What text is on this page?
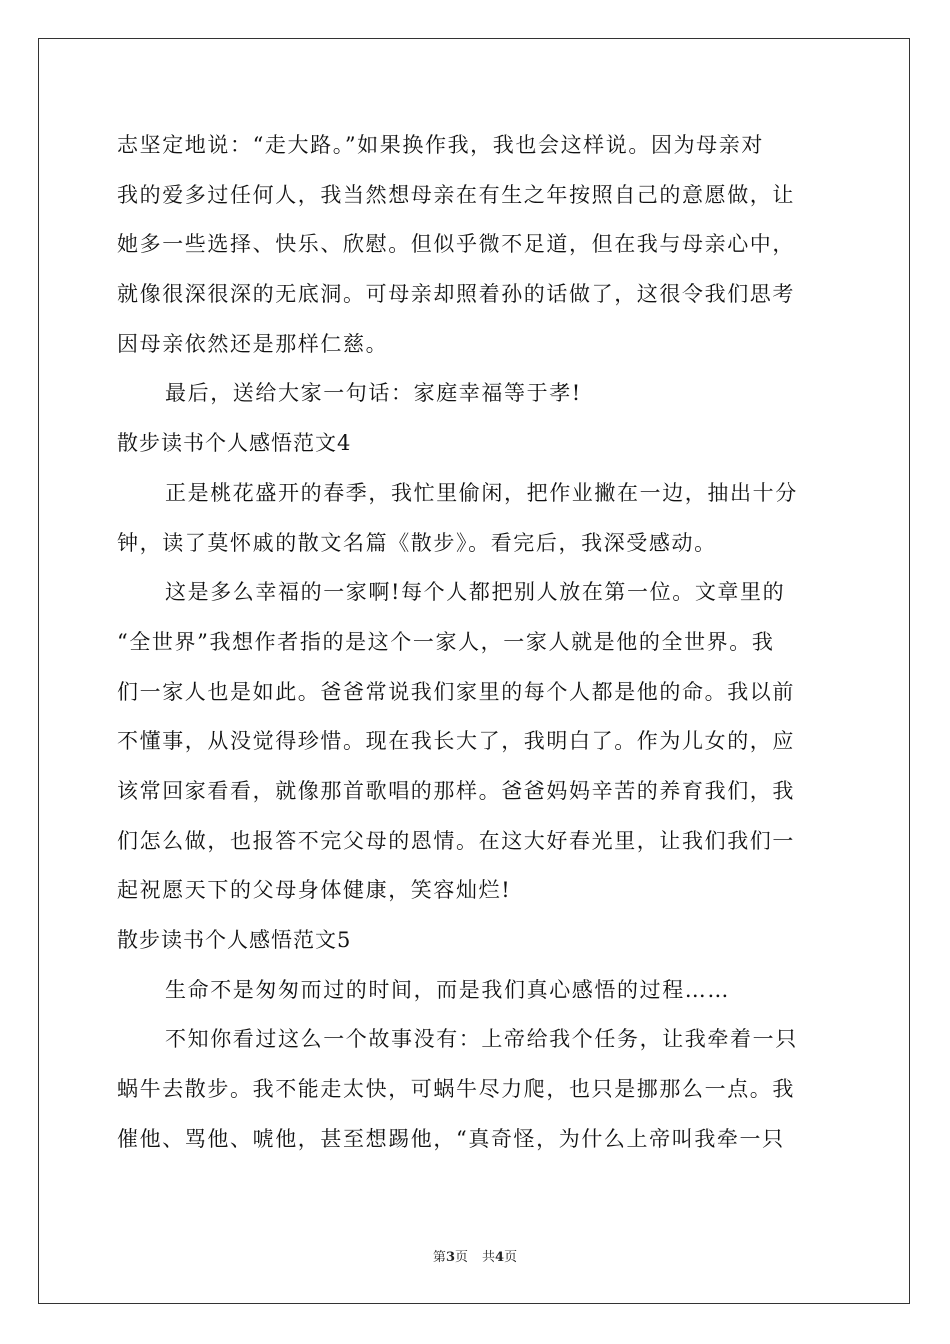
志坚定地说：“走大路。”如果换作我，我也会这样说。因为母亲对
我的爱多过任何人，我当然想母亲在有生之年按照自己的意愿做，让
她多一些选择、快乐、欣慰。但似乎微不足道，但在我与母亲心中，
就像很深很深的无底洞。可母亲却照着孙的话做了，这很令我们思考
因母亲依然还是那样仁慈。
最后，送给大家一句话：家庭幸福等于孝!
散步读书个人感悟范文4
正是桃花盛开的春季，我忙里偷闲，把作业撇在一边，抽出十分
钟，读了莫怀戚的散文名篇《散步》。看完后，我深受感动。
这是多么幸福的一家啊!每个人都把别人放在第一位。文章里的
“全世界”我想作者指的是这个一家人，一家人就是他的全世界。我
们一家人也是如此。爸爸常说我们家里的每个人都是他的命。我以前
不懂事，从没觉得珍惜。现在我长大了，我明白了。作为儿女的，应
该常回家看看，就像那首歌唱的那样。爸爸妈妈辛苦的养育我们，我
们怎么做，也报答不完父母的恩情。在这大好春光里，让我们我们一
起祝愿天下的父母身体健康，笑容灿烂!
散步读书个人感悟范文5
生命不是匆匆而过的时间，而是我们真心感悟的过程……
不知你看过这么一个故事没有：上帝给我个任务，让我牵着一只
蜗牛去散步。我不能走太快，可蜗牛尽力爬，也只是挪那么一点。我
催他、骂他、唬他，甚至想踢他，“真奇怪，为什么上帝叫我牵一只
第3页 共4页
